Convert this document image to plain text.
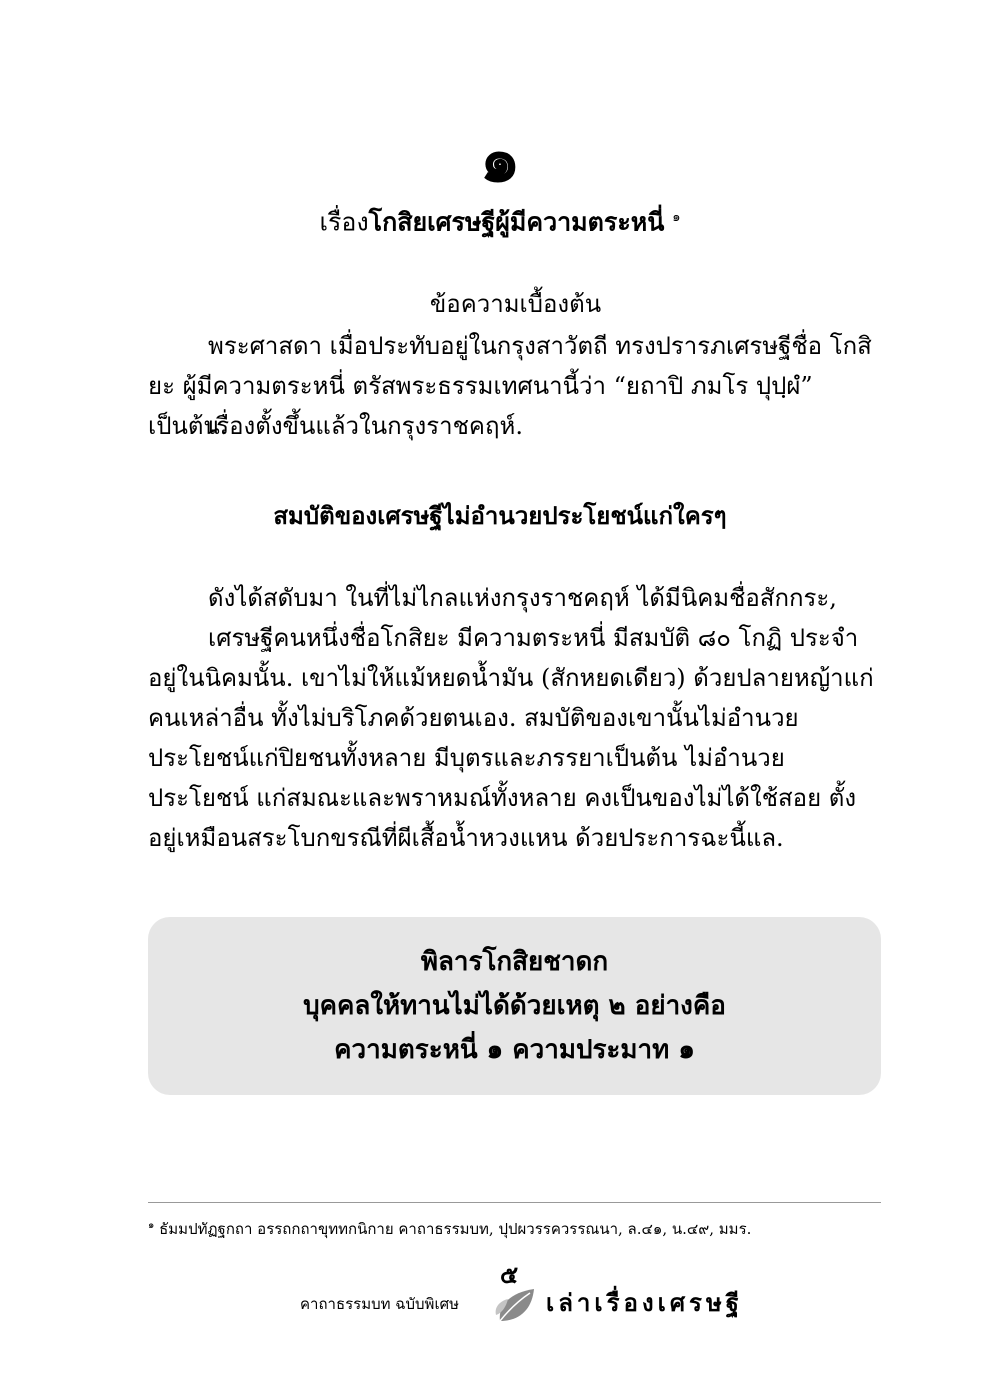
๑
เรื่องโกสิยเศรษฐีผู้มีความตระหนี่ $^๑$
ข้อความเบื้องต้น
พระศาสดา เมื่อประทับอยู่ในกรุงสาวัตถี ทรงปรารภเศรษฐีชื่อ โกสิยะ ผู้มีความตระหนี่ ตรัสพระธรรมเทศนานี้ว่า “ยถาปิ ภมโร ปุปฺผํ” เป็นต้น.
เรื่องตั้งขึ้นแล้วในกรุงราชคฤห์.
สมบัติของเศรษฐีไม่อำนวยประโยชน์แก่ใครๆ

ดังได้สดับมา ในที่ไม่ไกลแห่งกรุงราชคฤห์ ได้มีนิคมชื่อสักกระ,

เศรษฐีคนหนึ่งชื่อโกสิยะ มีความตระหนี่ มีสมบัติ ๘๐ โกฏิ ประจำอยู่ในนิคมนั้น. เขาไม่ให้แม้หยดน้ำมัน (สักหยดเดียว) ด้วยปลายหญ้าแก่คนเหล่าอื่น ทั้งไม่บริโภคด้วยตนเอง. สมบัติของเขานั้นไม่อำนวยประโยชน์แก่ปิยชนทั้งหลาย มีบุตรและภรรยาเป็นต้น ไม่อำนวยประโยชน์ แก่สมณะและพราหมณ์ทั้งหลาย คงเป็นของไม่ได้ใช้สอย ตั้งอยู่เหมือนสระโบกขรณีที่ผีเสื้อน้ำหวงแหน ด้วยประการฉะนี้แล.

พิลารโกสิยชาดก
บุคคลให้ทานไม่ได้ด้วยเหตุ ๒ อย่างคือ
ความตระหนี่ ๑ ความประมาท ๑
$^๑$ ธัมมปทัฏฐกถา อรรถกถาขุททกนิกาย คาถาธรรมบท, ปุปผวรรควรรณนา, ล.๔๑, น.๔๙, มมร.
คาถาธรรมบท ฉบับพิเศษ
๕
เล่าเรื่องเศรษฐี
